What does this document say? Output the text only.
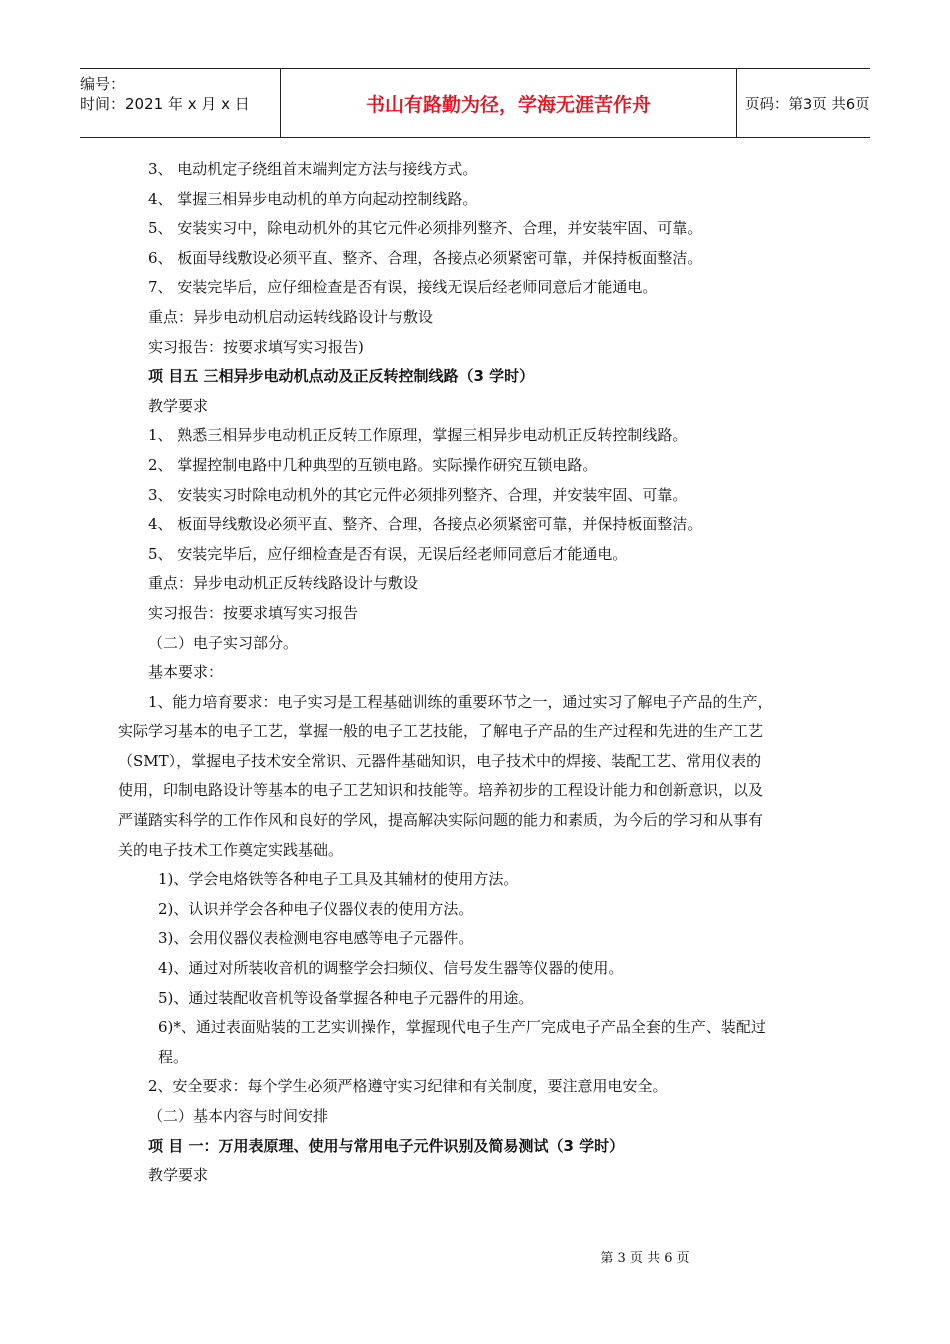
编号：
时间：2021 年 x 月 x 日	书山有路勤为径，学海无涯苦作舟	页码：第3页 共6页
3、 电动机定子绕组首末端判定方法与接线方式。
4、 掌握三相异步电动机的单方向起动控制线路。
5、 安装实习中，除电动机外的其它元件必须排列整齐、合理，并安装牢固、可靠。
6、 板面导线敷设必须平直、整齐、合理，各接点必须紧密可靠，并保持板面整洁。
7、 安装完毕后，应仔细检查是否有误，接线无误后经老师同意后才能通电。
重点：异步电动机启动运转线路设计与敷设
实习报告：按要求填写实习报告)
项 目五 三相异步电动机点动及正反转控制线路（3 学时）
教学要求
1、 熟悉三相异步电动机正反转工作原理，掌握三相异步电动机正反转控制线路。
2、 掌握控制电路中几种典型的互锁电路。实际操作研究互锁电路。
3、 安装实习时除电动机外的其它元件必须排列整齐、合理，并安装牢固、可靠。
4、 板面导线敷设必须平直、整齐、合理，各接点必须紧密可靠，并保持板面整洁。
5、 安装完毕后，应仔细检查是否有误，无误后经老师同意后才能通电。
重点：异步电动机正反转线路设计与敷设
实习报告：按要求填写实习报告
（二）电子实习部分。
基本要求：
1、能力培育要求：电子实习是工程基础训练的重要环节之一，通过实习了解电子产品的生产，
实际学习基本的电子工艺，掌握一般的电子工艺技能，了解电子产品的生产过程和先进的生产工艺
（SMT），掌握电子技术安全常识、元器件基础知识，电子技术中的焊接、装配工艺、常用仪表的
使用，印制电路设计等基本的电子工艺知识和技能等。培养初步的工程设计能力和创新意识，以及
严谨踏实科学的工作作风和良好的学风，提高解决实际问题的能力和素质，为今后的学习和从事有
关的电子技术工作奠定实践基础。
1)、学会电烙铁等各种电子工具及其辅材的使用方法。
2)、认识并学会各种电子仪器仪表的使用方法。
3)、会用仪器仪表检测电容电感等电子元器件。
4)、通过对所装收音机的调整学会扫频仪、信号发生器等仪器的使用。
5)、通过装配收音机等设备掌握各种电子元器件的用途。
6)*、通过表面贴装的工艺实训操作，掌握现代电子生产厂完成电子产品全套的生产、装配过
程。
2、安全要求：每个学生必须严格遵守实习纪律和有关制度，要注意用电安全。
（二）基本内容与时间安排
项 目 一：万用表原理、使用与常用电子元件识别及简易测试（3 学时）
教学要求
第 3 页 共 6 页
